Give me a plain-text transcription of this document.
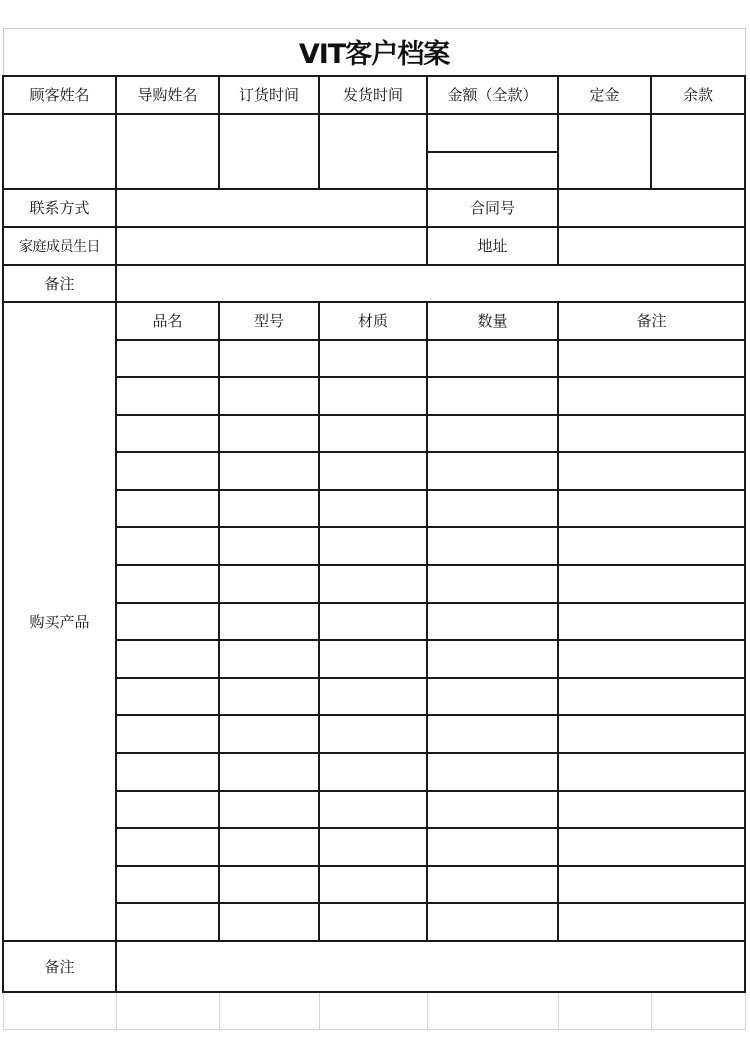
VIT客户档案						
顾客姓名	导购姓名	订货时间	发货时间	金额（全款）	定金	余款

联系方式				合同号		
家庭成员生日				地址		
备注						
购买产品	品名	型号	材质	数量	备注	

备注						
